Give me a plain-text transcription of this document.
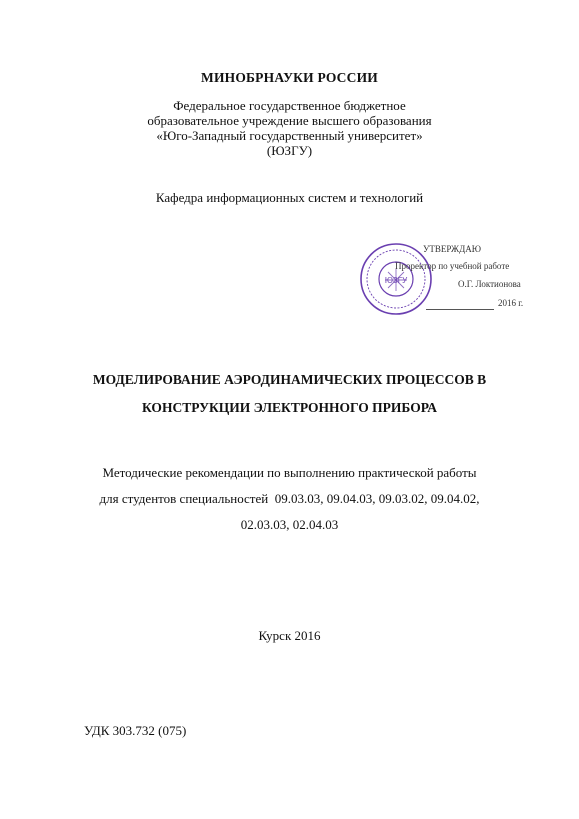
МИНОБРНАУКИ РОССИИ
Федеральное государственное бюджетное
образовательное учреждение высшего образования
«Юго-Западный государственный университет»
(ЮЗГУ)
Кафедра информационных систем и технологий
ЮЗГУ
УТВЕРЖДАЮ
Проректор по учебной работе
О.Г. Локтионова
2016 г.
МОДЕЛИРОВАНИЕ АЭРОДИНАМИЧЕСКИХ ПРОЦЕССОВ В
КОНСТРУКЦИИ ЭЛЕКТРОННОГО ПРИБОРА
Методические рекомендации по выполнению практической работы
для студентов специальностей  09.03.03, 09.04.03, 09.03.02, 09.04.02,
02.03.03, 02.04.03
Курск 2016
УДК 303.732 (075)
